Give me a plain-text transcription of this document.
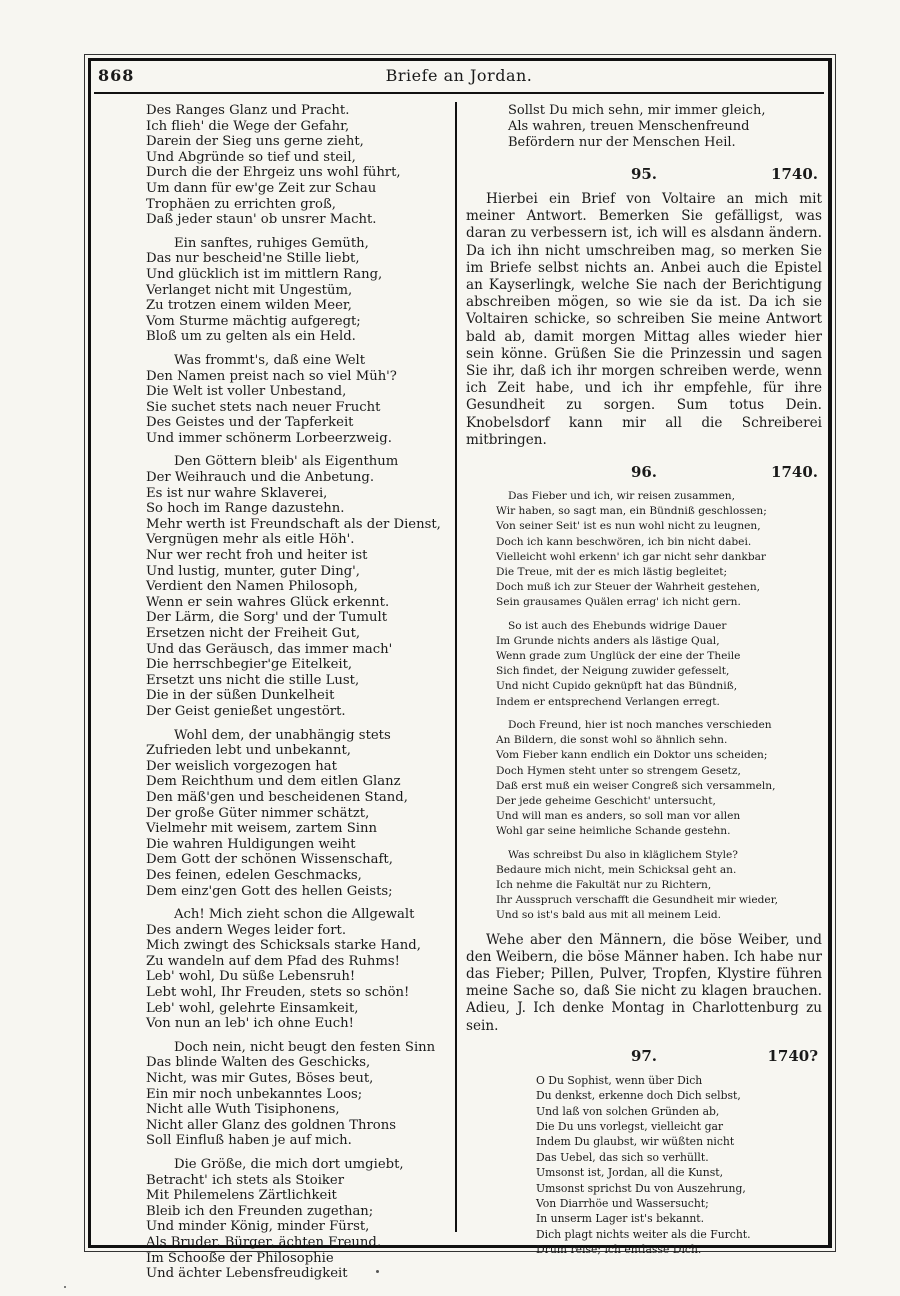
868	Briefe an Jordan.
Des Ranges Glanz und Pracht.
Ich flieh' die Wege der Gefahr,
Darein der Sieg uns gerne zieht,
Und Abgründe so tief und steil,
Durch die der Ehrgeiz uns wohl führt,
Um dann für ew'ge Zeit zur Schau
Trophäen zu errichten groß,
Daß jeder staun' ob unsrer Macht.
Ein sanftes, ruhiges Gemüth,
Das nur bescheid'ne Stille liebt,
Und glücklich ist im mittlern Rang,
Verlanget nicht mit Ungestüm,
Zu trotzen einem wilden Meer,
Vom Sturme mächtig aufgeregt;
Bloß um zu gelten als ein Held.
Was frommt's, daß eine Welt
Den Namen preist nach so viel Müh'?
Die Welt ist voller Unbestand,
Sie suchet stets nach neuer Frucht
Des Geistes und der Tapferkeit
Und immer schönerm Lorbeerzweig.
Den Göttern bleib' als Eigenthum
Der Weihrauch und die Anbetung.
Es ist nur wahre Sklaverei,
So hoch im Range dazustehn.
Mehr werth ist Freundschaft als der Dienst,
Vergnügen mehr als eitle Höh'.
Nur wer recht froh und heiter ist
Und lustig, munter, guter Ding',
Verdient den Namen Philosoph,
Wenn er sein wahres Glück erkennt.
Der Lärm, die Sorg' und der Tumult
Ersetzen nicht der Freiheit Gut,
Und das Geräusch, das immer mach'
Die herrschbegier'ge Eitelkeit,
Ersetzt uns nicht die stille Lust,
Die in der süßen Dunkelheit
Der Geist genießet ungestört.
Wohl dem, der unabhängig stets
Zufrieden lebt und unbekannt,
Der weislich vorgezogen hat
Dem Reichthum und dem eitlen Glanz
Den mäß'gen und bescheidenen Stand,
Der große Güter nimmer schätzt,
Vielmehr mit weisem, zartem Sinn
Die wahren Huldigungen weiht
Dem Gott der schönen Wissenschaft,
Des feinen, edelen Geschmacks,
Dem einz'gen Gott des hellen Geists;
Ach! Mich zieht schon die Allgewalt
Des andern Weges leider fort.
Mich zwingt des Schicksals starke Hand,
Zu wandeln auf dem Pfad des Ruhms!
Leb' wohl, Du süße Lebensruh!
Lebt wohl, Ihr Freuden, stets so schön!
Leb' wohl, gelehrte Einsamkeit,
Von nun an leb' ich ohne Euch!
Doch nein, nicht beugt den festen Sinn
Das blinde Walten des Geschicks,
Nicht, was mir Gutes, Böses beut,
Ein mir noch unbekanntes Loos;
Nicht alle Wuth Tisiphonens,
Nicht aller Glanz des goldnen Throns
Soll Einfluß haben je auf mich.
Die Größe, die mich dort umgiebt,
Betracht' ich stets als Stoiker
Mit Philemelens Zärtlichkeit
Bleib ich den Freunden zugethan;
Und minder König, minder Fürst,
Als Bruder, Bürger, ächten Freund,
Im Schooße der Philosophie
Und ächter Lebensfreudigkeit
Sollst Du mich sehn, mir immer gleich,
Als wahren, treuen Menschenfreund
Befördern nur der Menschen Heil.
95.	1740.

Hierbei ein Brief von Voltaire an mich mit meiner Antwort. Bemerken Sie gefälligst, was daran zu verbessern ist, ich will es alsdann ändern. Da ich ihn nicht umschreiben mag, so merken Sie im Briefe selbst nichts an. Anbei auch die Epistel an Kayserlingk, welche Sie nach der Berichtigung abschreiben mögen, so wie sie da ist. Da ich sie Voltairen schicke, so schreiben Sie meine Antwort bald ab, damit morgen Mittag alles wieder hier sein könne. Grüßen Sie die Prinzessin und sagen Sie ihr, daß ich ihr morgen schreiben werde, wenn ich Zeit habe, und ich ihr empfehle, für ihre Gesundheit zu sorgen. Sum totus Dein. Knobelsdorf kann mir all die Schreiberei mitbringen.

96.	1740.
Das Fieber und ich, wir reisen zusammen,
Wir haben, so sagt man, ein Bündniß geschlossen;
Von seiner Seit' ist es nun wohl nicht zu leugnen,
Doch ich kann beschwören, ich bin nicht dabei.
Vielleicht wohl erkenn' ich gar nicht sehr dankbar
Die Treue, mit der es mich lästig begleitet;
Doch muß ich zur Steuer der Wahrheit gestehen,
Sein grausames Quälen errag' ich nicht gern.
So ist auch des Ehebunds widrige Dauer
Im Grunde nichts anders als lästige Qual,
Wenn grade zum Unglück der eine der Theile
Sich findet, der Neigung zuwider gefesselt,
Und nicht Cupido geknüpft hat das Bündniß,
Indem er entsprechend Verlangen erregt.
Doch Freund, hier ist noch manches verschieden
An Bildern, die sonst wohl so ähnlich sehn.
Vom Fieber kann endlich ein Doktor uns scheiden;
Doch Hymen steht unter so strengem Gesetz,
Daß erst muß ein weiser Congreß sich versammeln,
Der jede geheime Geschicht' untersucht,
Und will man es anders, so soll man vor allen
Wohl gar seine heimliche Schande gestehn.
Was schreibst Du also in kläglichem Style?
Bedaure mich nicht, mein Schicksal geht an.
Ich nehme die Fakultät nur zu Richtern,
Ihr Ausspruch verschafft die Gesundheit mir wieder,
Und so ist's bald aus mit all meinem Leid.

Wehe aber den Männern, die böse Weiber, und den Weibern, die böse Männer haben. Ich habe nur das Fieber; Pillen, Pulver, Tropfen, Klystire führen meine Sache so, daß Sie nicht zu klagen brauchen. Adieu, J. Ich denke Montag in Charlottenburg zu sein.

97.	1740?
O Du Sophist, wenn über Dich
Du denkst, erkenne doch Dich selbst,
Und laß von solchen Gründen ab,
Die Du uns vorlegst, vielleicht gar
Indem Du glaubst, wir wüßten nicht
Das Uebel, das sich so verhüllt.
Umsonst ist, Jordan, all die Kunst,
Umsonst sprichst Du von Auszehrung,
Von Diarrhöe und Wassersucht;
In unserm Lager ist's bekannt.
Dich plagt nichts weiter als die Furcht.
Drum reise; ich entlasse Dich.
